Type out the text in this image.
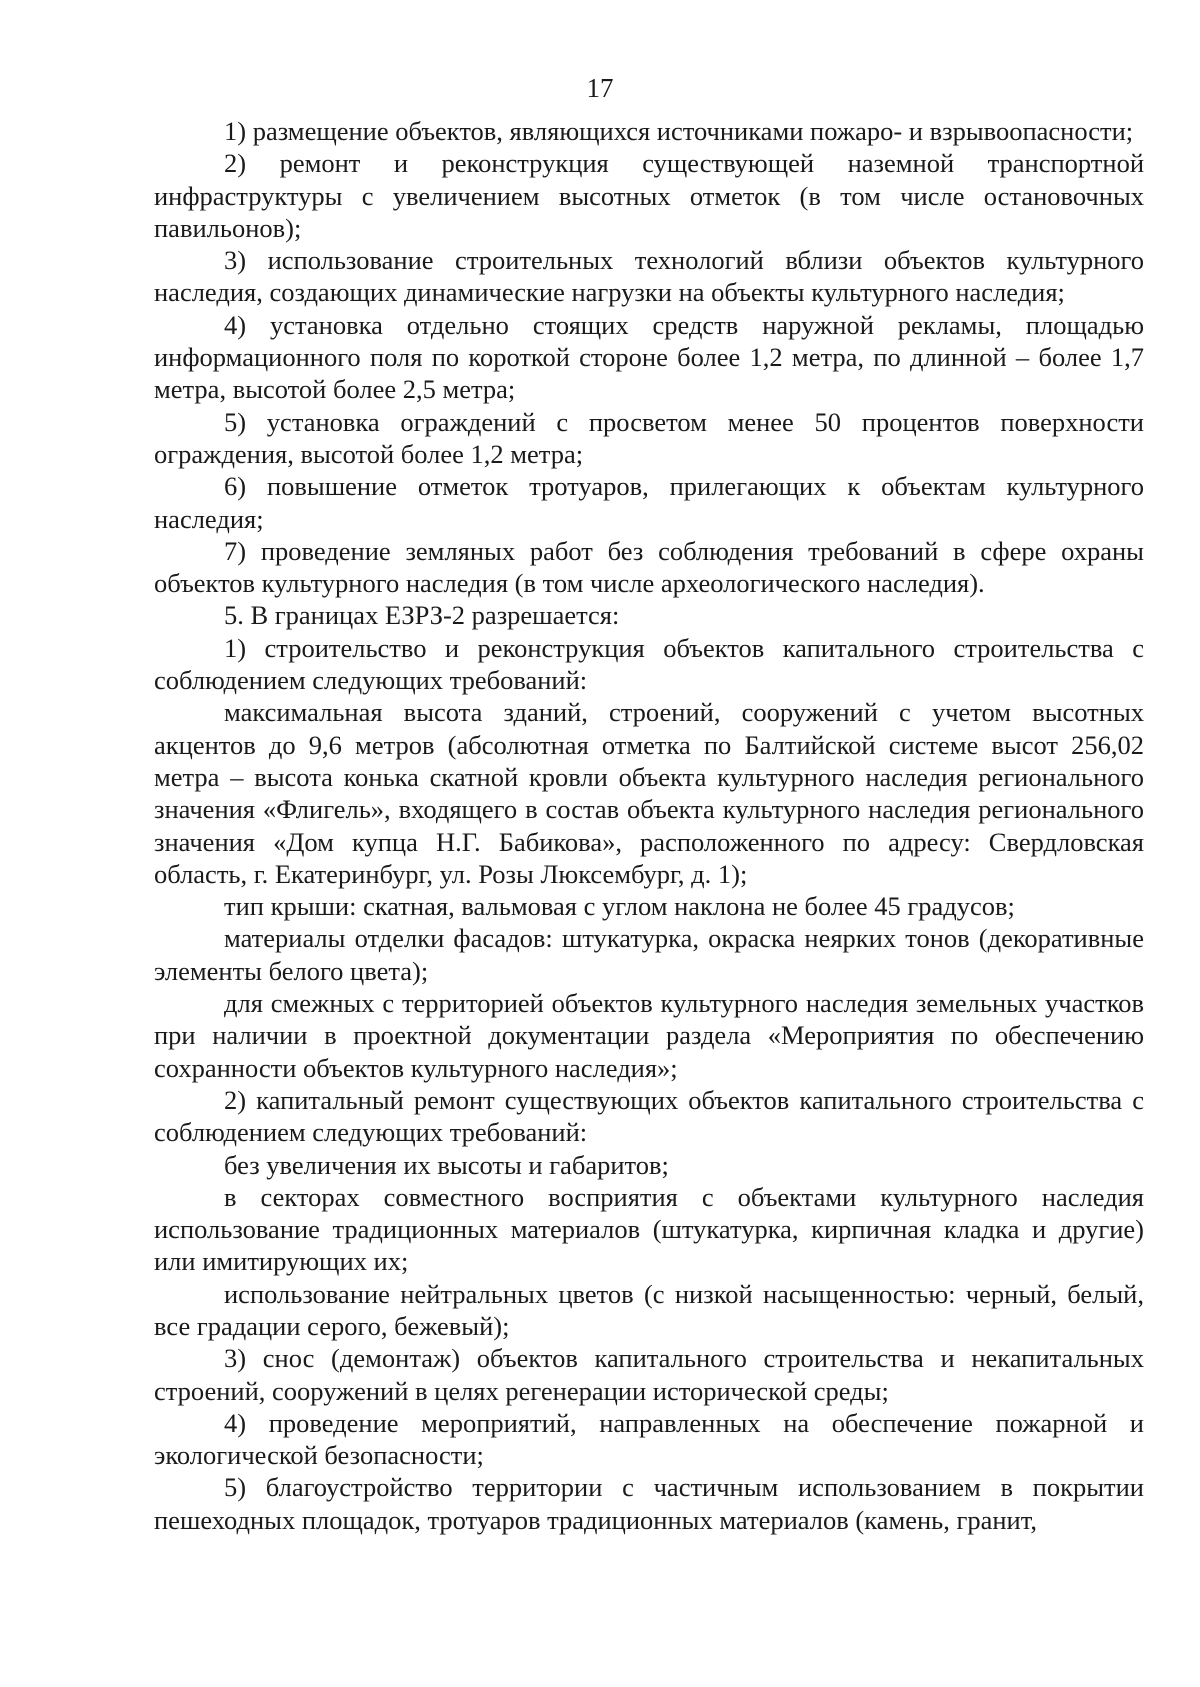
17

1) размещение объектов, являющихся источниками пожаро- и взрывоопасности;

2) ремонт и реконструкция существующей наземной транспортной инфраструктуры с увеличением высотных отметок (в том числе остановочных павильонов);

3) использование строительных технологий вблизи объектов культурного наследия, создающих динамические нагрузки на объекты культурного наследия;

4) установка отдельно стоящих средств наружной рекламы, площадью информационного поля по короткой стороне более 1,2 метра, по длинной – более 1,7 метра, высотой более 2,5 метра;

5) установка ограждений с просветом менее 50 процентов поверхности ограждения, высотой более 1,2 метра;

6) повышение отметок тротуаров, прилегающих к объектам культурного наследия;

7) проведение земляных работ без соблюдения требований в сфере охраны объектов культурного наследия (в том числе археологического наследия).

5. В границах ЕЗРЗ-2 разрешается:

1) строительство и реконструкция объектов капитального строительства с соблюдением следующих требований:

максимальная высота зданий, строений, сооружений с учетом высотных акцентов до 9,6 метров (абсолютная отметка по Балтийской системе высот 256,02 метра – высота конька скатной кровли объекта культурного наследия регионального значения «Флигель», входящего в состав объекта культурного наследия регионального значения «Дом купца Н.Г. Бабикова», расположенного по адресу: Свердловская область, г. Екатеринбург, ул. Розы Люксембург, д. 1);

тип крыши: скатная, вальмовая с углом наклона не более 45 градусов;

материалы отделки фасадов: штукатурка, окраска неярких тонов (декоративные элементы белого цвета);

для смежных с территорией объектов культурного наследия земельных участков при наличии в проектной документации раздела «Мероприятия по обеспечению сохранности объектов культурного наследия»;

2) капитальный ремонт существующих объектов капитального строительства с соблюдением следующих требований:

без увеличения их высоты и габаритов;

в секторах совместного восприятия с объектами культурного наследия использование традиционных материалов (штукатурка, кирпичная кладка и другие) или имитирующих их;

использование нейтральных цветов (с низкой насыщенностью: черный, белый, все градации серого, бежевый);

3) снос (демонтаж) объектов капитального строительства и некапитальных строений, сооружений в целях регенерации исторической среды;

4) проведение мероприятий, направленных на обеспечение пожарной и экологической безопасности;

5) благоустройство территории с частичным использованием в покрытии пешеходных площадок, тротуаров традиционных материалов (камень, гранит,
